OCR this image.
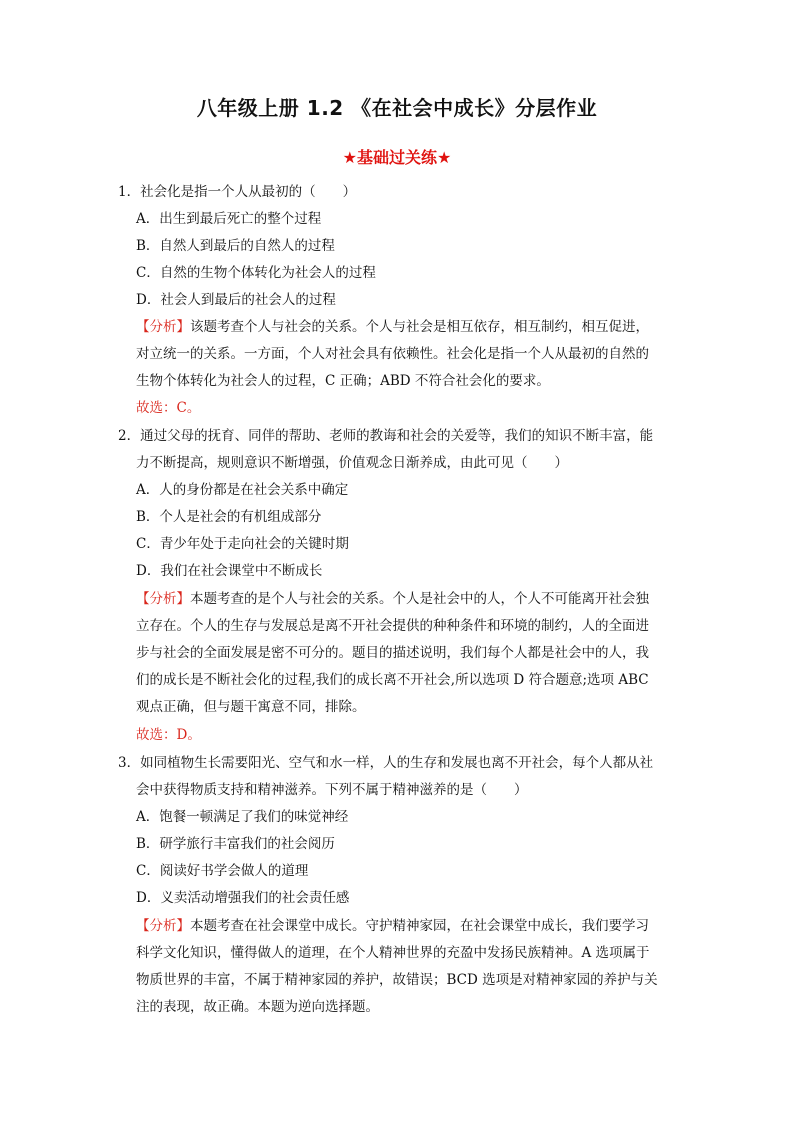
八年级上册 1.2 《在社会中成长》分层作业
★基础过关练★
1．社会化是指一个人从最初的（　　）
A．出生到最后死亡的整个过程
B．自然人到最后的自然人的过程
C．自然的生物个体转化为社会人的过程
D．社会人到最后的社会人的过程
【分析】该题考查个人与社会的关系。个人与社会是相互依存，相互制约，相互促进，
对立统一的关系。一方面，个人对社会具有依赖性。社会化是指一个人从最初的自然的
生物个体转化为社会人的过程，C 正确；ABD 不符合社会化的要求。
故选：C。
2．通过父母的抚育、同伴的帮助、老师的教诲和社会的关爱等，我们的知识不断丰富，能
力不断提高，规则意识不断增强，价值观念日渐养成，由此可见（　　）
A．人的身份都是在社会关系中确定
B．个人是社会的有机组成部分
C．青少年处于走向社会的关键时期
D．我们在社会课堂中不断成长
【分析】本题考查的是个人与社会的关系。个人是社会中的人，个人不可能离开社会独
立存在。个人的生存与发展总是离不开社会提供的种种条件和环境的制约，人的全面进
步与社会的全面发展是密不可分的。题目的描述说明，我们每个人都是社会中的人，我
们的成长是不断社会化的过程,我们的成长离不开社会,所以选项 D 符合题意;选项 ABC
观点正确，但与题干寓意不同，排除。
故选：D。
3．如同植物生长需要阳光、空气和水一样，人的生存和发展也离不开社会，每个人都从社
会中获得物质支持和精神滋养。下列不属于精神滋养的是（　　）
A．饱餐一顿满足了我们的味觉神经
B．研学旅行丰富我们的社会阅历
C．阅读好书学会做人的道理
D．义卖活动增强我们的社会责任感
【分析】本题考查在社会课堂中成长。守护精神家园，在社会课堂中成长，我们要学习
科学文化知识，懂得做人的道理，在个人精神世界的充盈中发扬民族精神。A 选项属于
物质世界的丰富，不属于精神家园的养护，故错误；BCD 选项是对精神家园的养护与关
注的表现，故正确。本题为逆向选择题。
